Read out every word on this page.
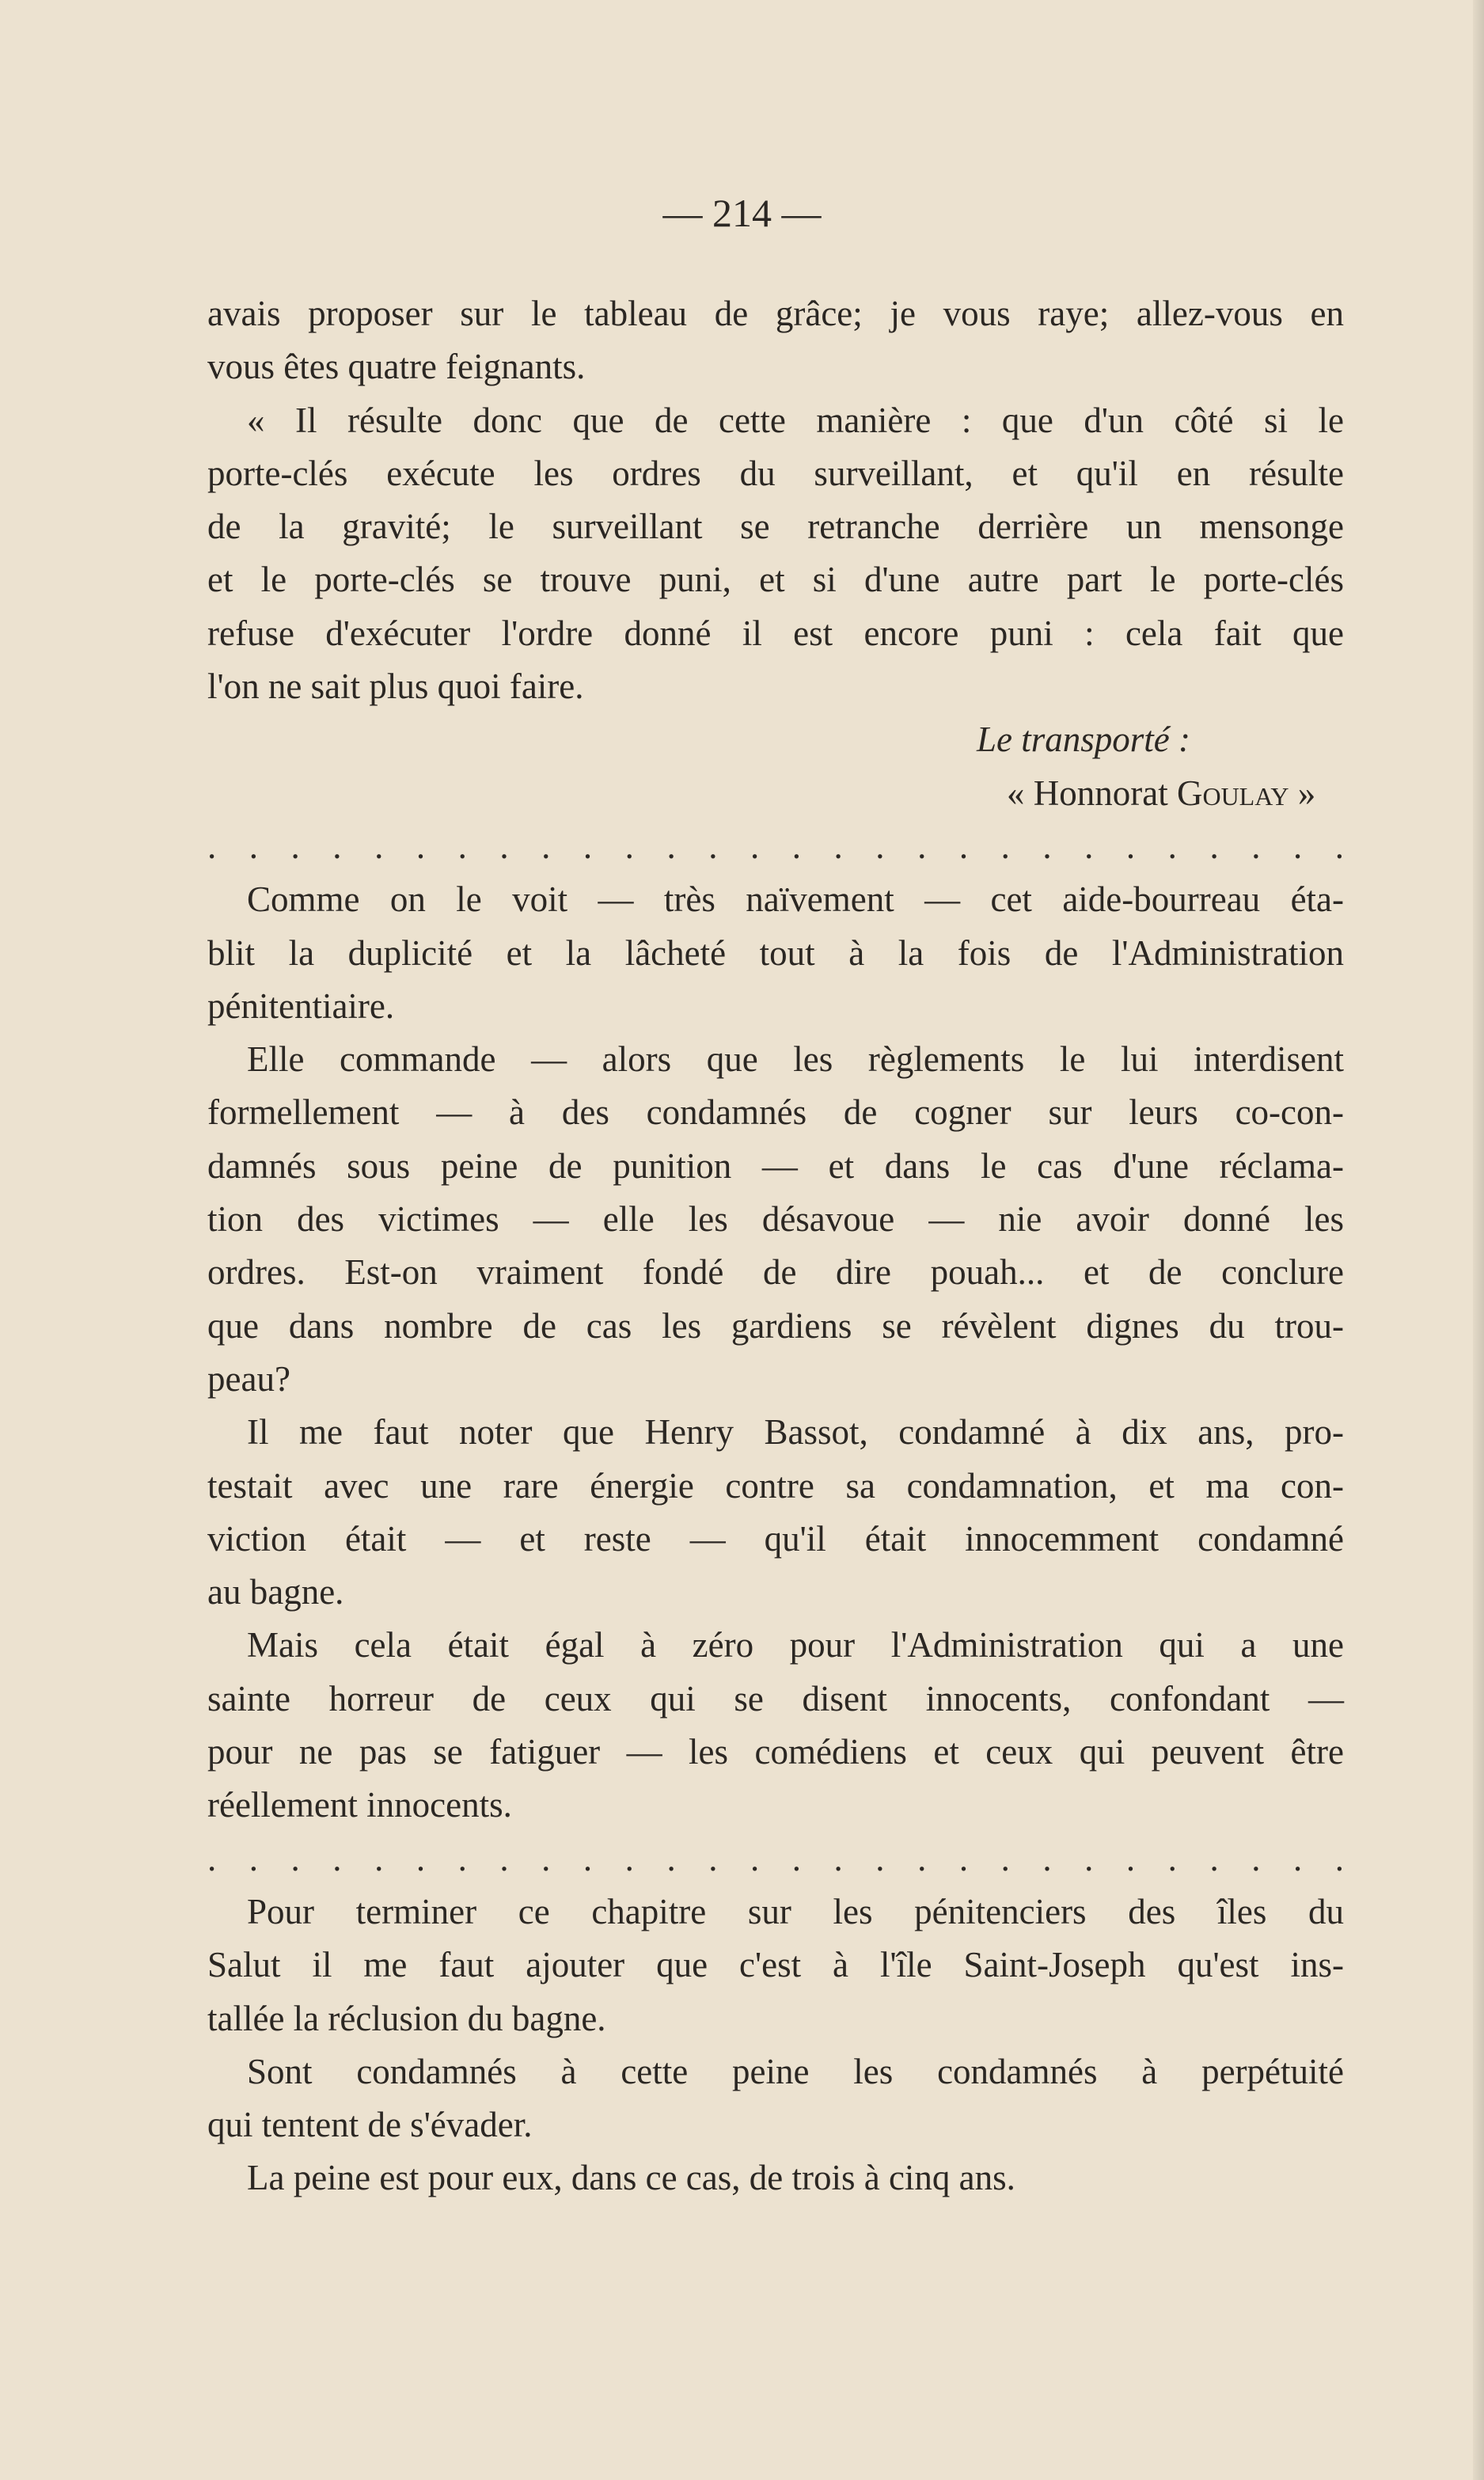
— 214 —
avais proposer sur le tableau de grâce; je vous raye; allez-vous en
vous êtes quatre feignants.
« Il résulte donc que de cette manière : que d'un côté si le
porte-clés exécute les ordres du surveillant, et qu'il en résulte
de la gravité; le surveillant se retranche derrière un mensonge
et le porte-clés se trouve puni, et si d'une autre part le porte-clés
refuse d'exécuter l'ordre donné il est encore puni : cela fait que
l'on ne sait plus quoi faire.
Le transporté :
« Honnorat Goulay »
. . . . . . . . . . . . . . . . . . . . . . . . . . . .
Comme on le voit — très naïvement — cet aide-bourreau éta-
blit la duplicité et la lâcheté tout à la fois de l'Administration
pénitentiaire.
Elle commande — alors que les règlements le lui interdisent
formellement — à des condamnés de cogner sur leurs co-con-
damnés sous peine de punition — et dans le cas d'une réclama-
tion des victimes — elle les désavoue — nie avoir donné les
ordres. Est-on vraiment fondé de dire pouah... et de conclure
que dans nombre de cas les gardiens se révèlent dignes du trou-
peau?
Il me faut noter que Henry Bassot, condamné à dix ans, pro-
testait avec une rare énergie contre sa condamnation, et ma con-
viction était — et reste — qu'il était innocemment condamné
au bagne.
Mais cela était égal à zéro pour l'Administration qui a une
sainte horreur de ceux qui se disent innocents, confondant —
pour ne pas se fatiguer — les comédiens et ceux qui peuvent être
réellement innocents.
. . . . . . . . . . . . . . . . . . . . . . . . . . . .
Pour terminer ce chapitre sur les pénitenciers des îles du
Salut il me faut ajouter que c'est à l'île Saint-Joseph qu'est ins-
tallée la réclusion du bagne.
Sont condamnés à cette peine les condamnés à perpétuité
qui tentent de s'évader.
La peine est pour eux, dans ce cas, de trois à cinq ans.
